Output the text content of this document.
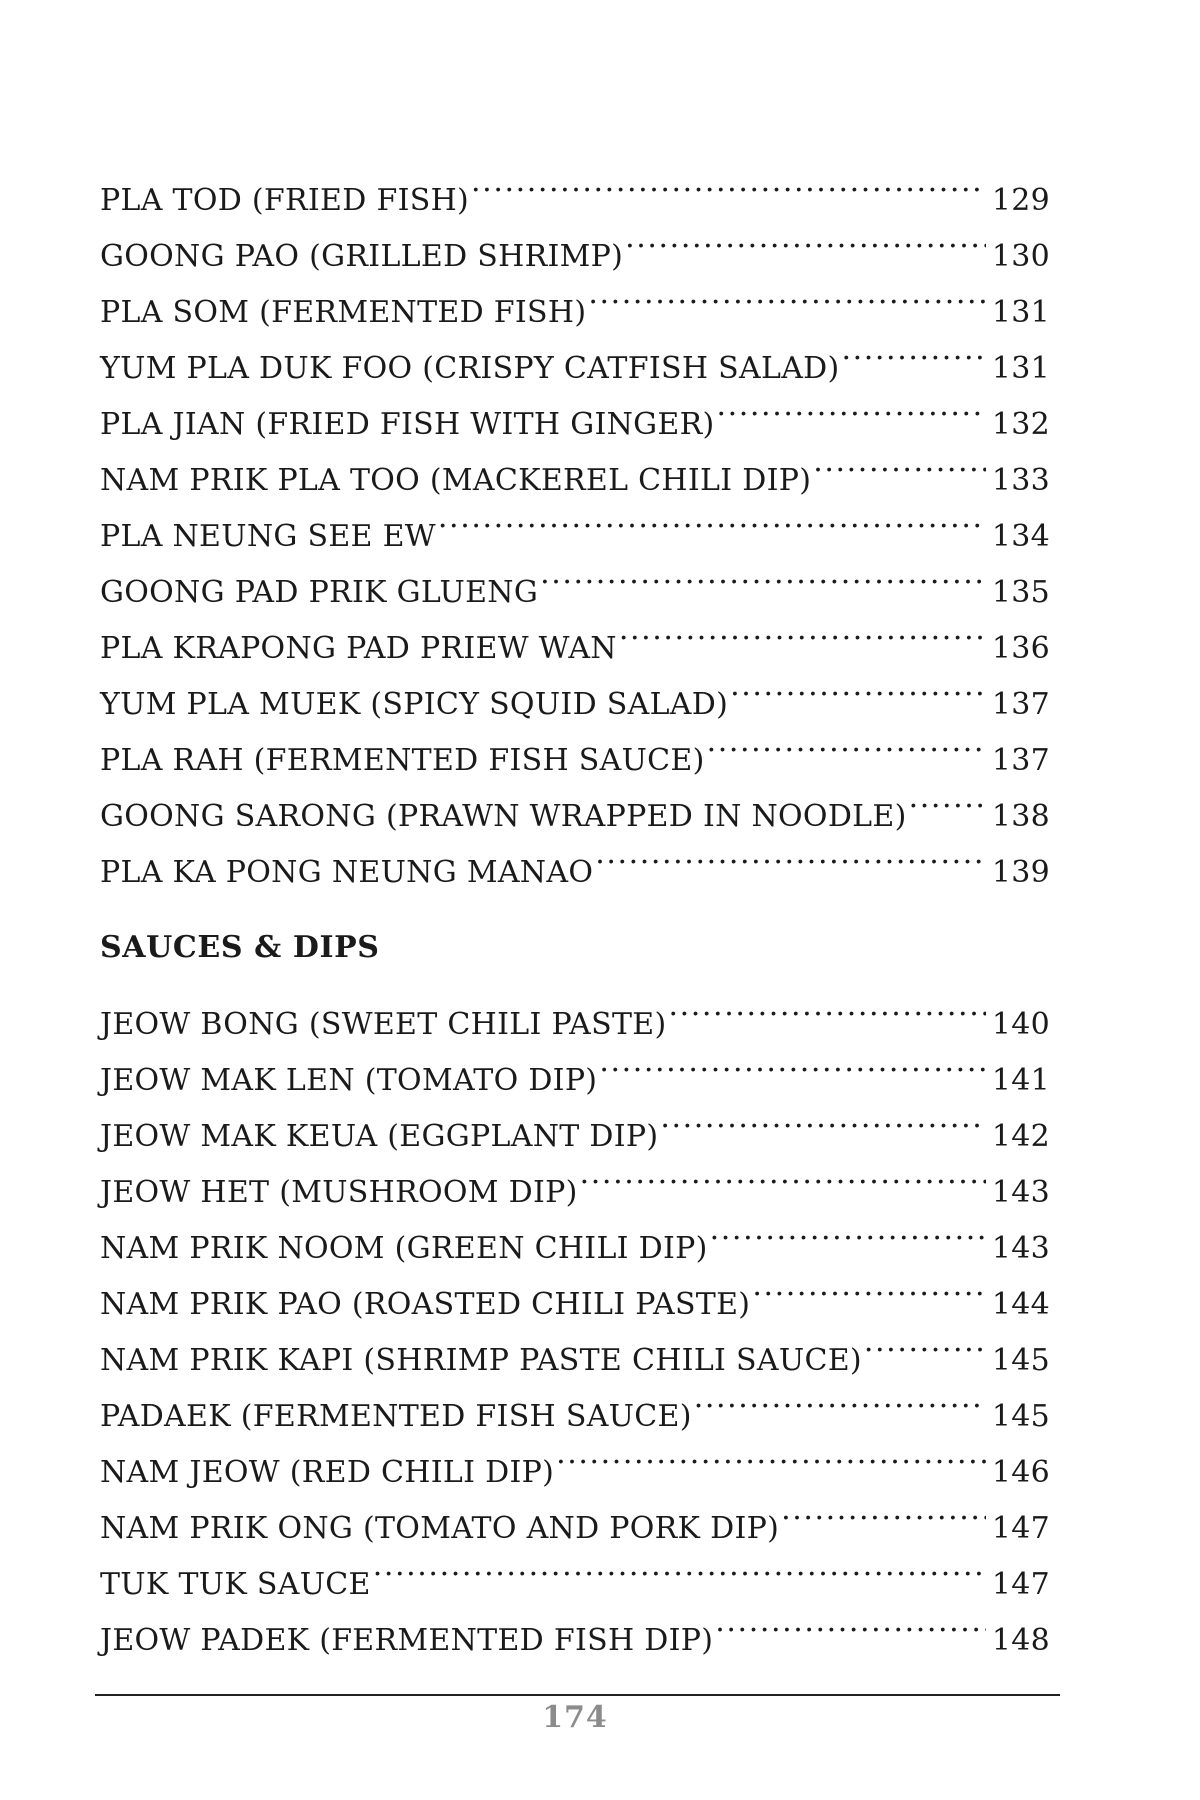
PLA TOD (FRIED FISH) .....	129
GOONG PAO (GRILLED SHRIMP) .....	130
PLA SOM (FERMENTED FISH) .....	131
YUM PLA DUK FOO (CRISPY CATFISH SALAD) .....	131
PLA JIAN (FRIED FISH WITH GINGER) .....	132
NAM PRIK PLA TOO (MACKEREL CHILI DIP) .....	133
PLA NEUNG SEE EW .....	134
GOONG PAD PRIK GLUENG .....	135
PLA KRAPONG PAD PRIEW WAN .....	136
YUM PLA MUEK (SPICY SQUID SALAD) .....	137
PLA RAH (FERMENTED FISH SAUCE) .....	137
GOONG SARONG (PRAWN WRAPPED IN NOODLE) .....	138
PLA KA PONG NEUNG MANAO .....	139
SAUCES & DIPS
JEOW BONG (SWEET CHILI PASTE) .....	140
JEOW MAK LEN (TOMATO DIP) .....	141
JEOW MAK KEUA (EGGPLANT DIP) .....	142
JEOW HET (MUSHROOM DIP) .....	143
NAM PRIK NOOM (GREEN CHILI DIP) .....	143
NAM PRIK PAO (ROASTED CHILI PASTE) .....	144
NAM PRIK KAPI (SHRIMP PASTE CHILI SAUCE) .....	145
PADAEK (FERMENTED FISH SAUCE) .....	145
NAM JEOW (RED CHILI DIP) .....	146
NAM PRIK ONG (TOMATO AND PORK DIP) .....	147
TUK TUK SAUCE .....	147
JEOW PADEK (FERMENTED FISH DIP) .....	148
174
